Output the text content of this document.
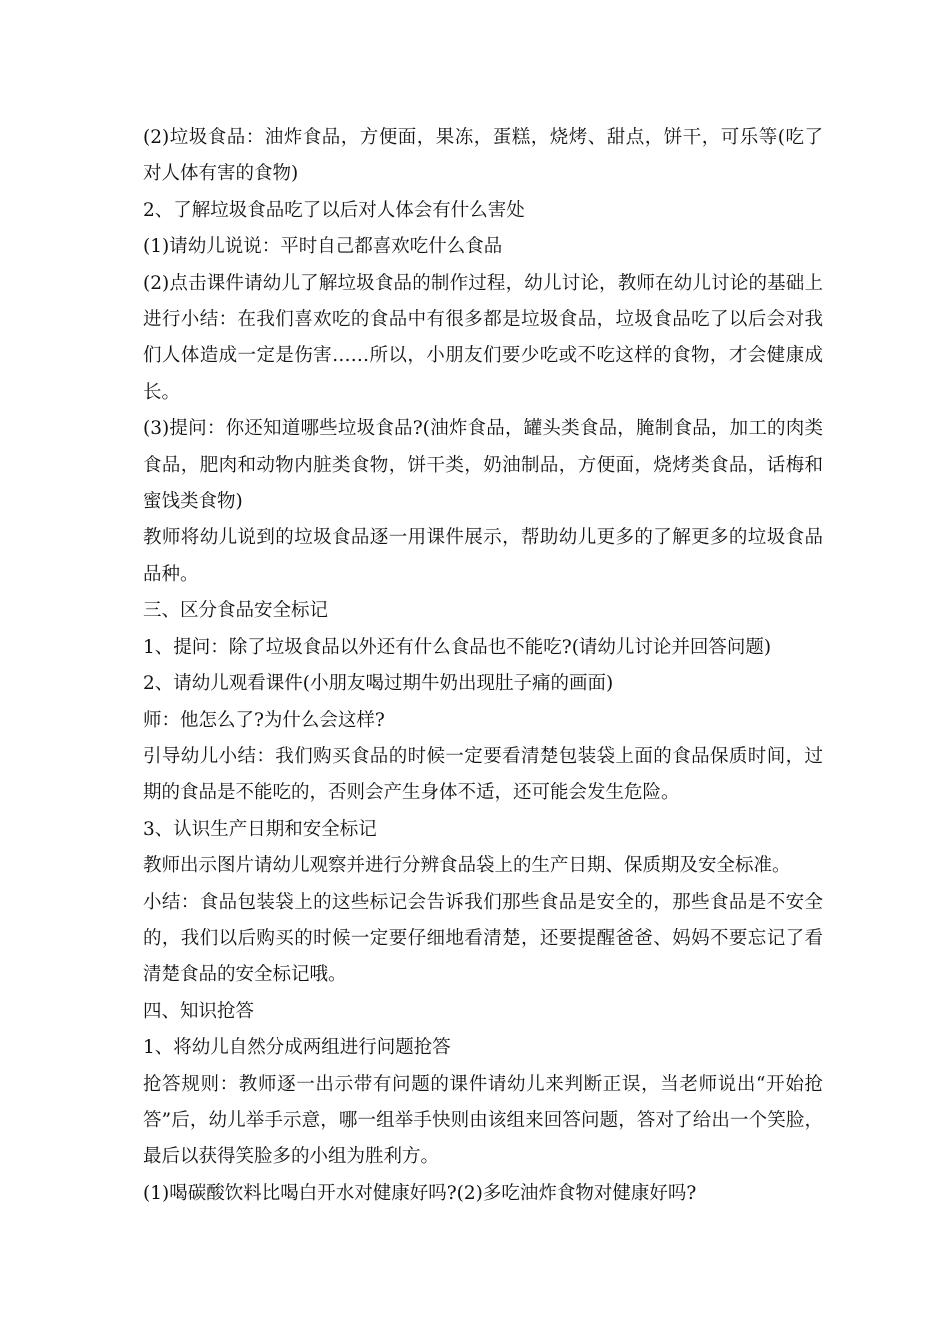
(2)垃圾食品：油炸食品，方便面，果冻，蛋糕，烧烤、甜点，饼干，可乐等(吃了对人体有害的食物)

2、了解垃圾食品吃了以后对人体会有什么害处

(1)请幼儿说说：平时自己都喜欢吃什么食品

(2)点击课件请幼儿了解垃圾食品的制作过程，幼儿讨论，教师在幼儿讨论的基础上进行小结：在我们喜欢吃的食品中有很多都是垃圾食品，垃圾食品吃了以后会对我们人体造成一定是伤害……所以，小朋友们要少吃或不吃这样的食物，才会健康成长。

(3)提问：你还知道哪些垃圾食品?(油炸食品，罐头类食品，腌制食品，加工的肉类食品，肥肉和动物内脏类食物，饼干类，奶油制品，方便面，烧烤类食品，话梅和蜜饯类食物)

教师将幼儿说到的垃圾食品逐一用课件展示，帮助幼儿更多的了解更多的垃圾食品品种。

三、区分食品安全标记

1、提问：除了垃圾食品以外还有什么食品也不能吃?(请幼儿讨论并回答问题)

2、请幼儿观看课件(小朋友喝过期牛奶出现肚子痛的画面)

师：他怎么了?为什么会这样?

引导幼儿小结：我们购买食品的时候一定要看清楚包装袋上面的食品保质时间，过期的食品是不能吃的，否则会产生身体不适，还可能会发生危险。

3、认识生产日期和安全标记

教师出示图片请幼儿观察并进行分辨食品袋上的生产日期、保质期及安全标准。

小结：食品包装袋上的这些标记会告诉我们那些食品是安全的，那些食品是不安全的，我们以后购买的时候一定要仔细地看清楚，还要提醒爸爸、妈妈不要忘记了看清楚食品的安全标记哦。

四、知识抢答

1、将幼儿自然分成两组进行问题抢答

抢答规则：教师逐一出示带有问题的课件请幼儿来判断正误，当老师说出“开始抢答”后，幼儿举手示意，哪一组举手快则由该组来回答问题，答对了给出一个笑脸，最后以获得笑脸多的小组为胜利方。

(1)喝碳酸饮料比喝白开水对健康好吗?(2)多吃油炸食物对健康好吗?
